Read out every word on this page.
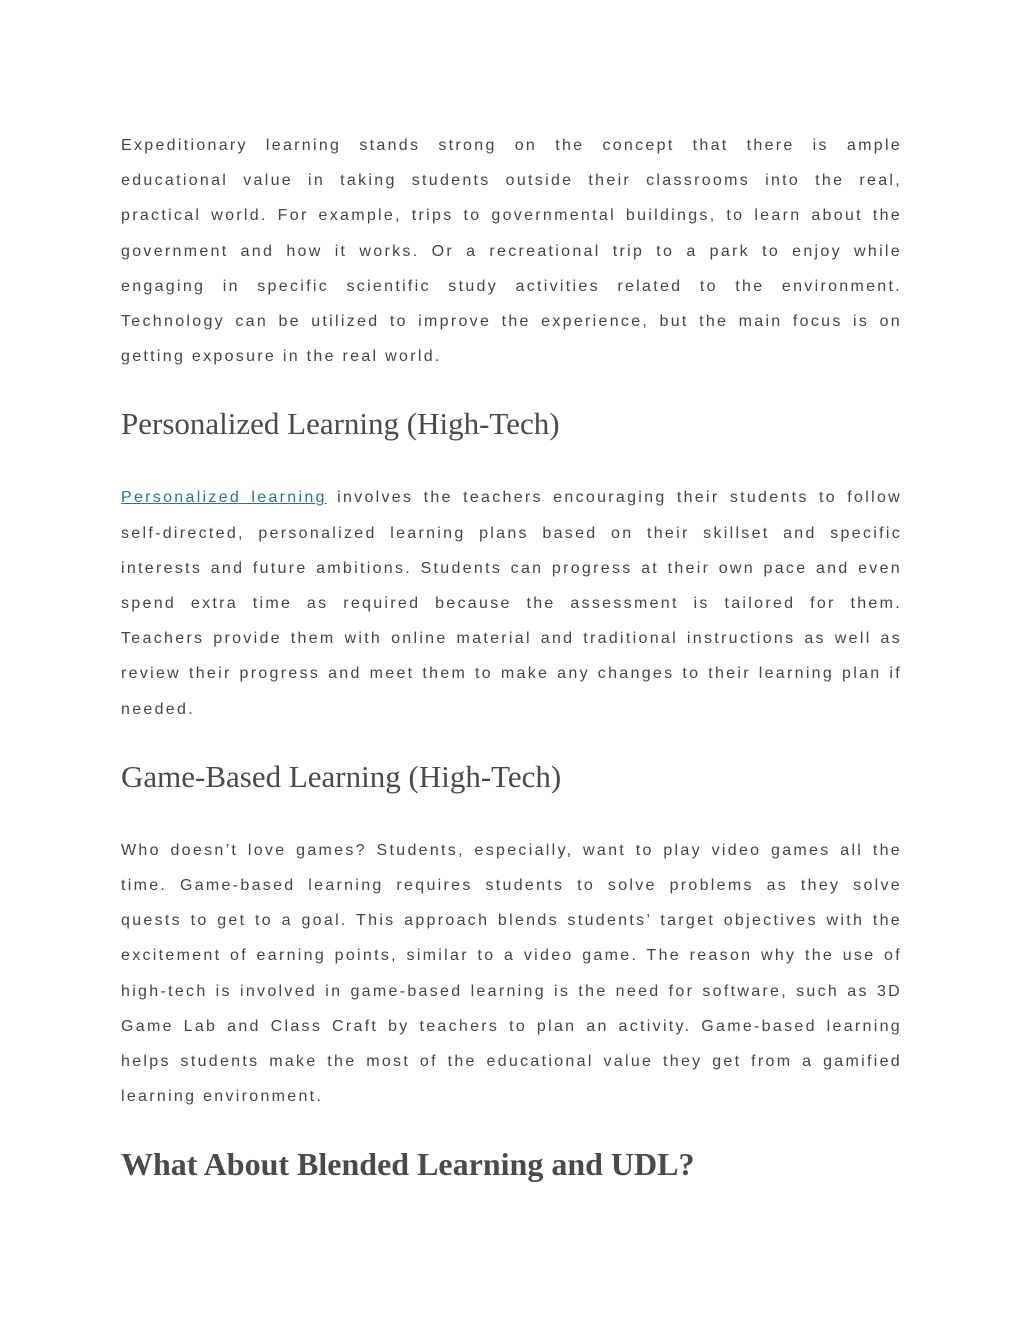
Expeditionary learning stands strong on the concept that there is ample educational value in taking students outside their classrooms into the real, practical world. For example, trips to governmental buildings, to learn about the government and how it works. Or a recreational trip to a park to enjoy while engaging in specific scientific study activities related to the environment. Technology can be utilized to improve the experience, but the main focus is on getting exposure in the real world.

Personalized Learning (High-Tech)

Personalized learning involves the teachers encouraging their students to follow self-directed, personalized learning plans based on their skillset and specific interests and future ambitions. Students can progress at their own pace and even spend extra time as required because the assessment is tailored for them. Teachers provide them with online material and traditional instructions as well as review their progress and meet them to make any changes to their learning plan if needed.

Game-Based Learning (High-Tech)

Who doesn’t love games? Students, especially, want to play video games all the time. Game-based learning requires students to solve problems as they solve quests to get to a goal. This approach blends students’ target objectives with the excitement of earning points, similar to a video game. The reason why the use of high-tech is involved in game-based learning is the need for software, such as 3D Game Lab and Class Craft by teachers to plan an activity. Game-based learning helps students make the most of the educational value they get from a gamified learning environment.

What About Blended Learning and UDL?
